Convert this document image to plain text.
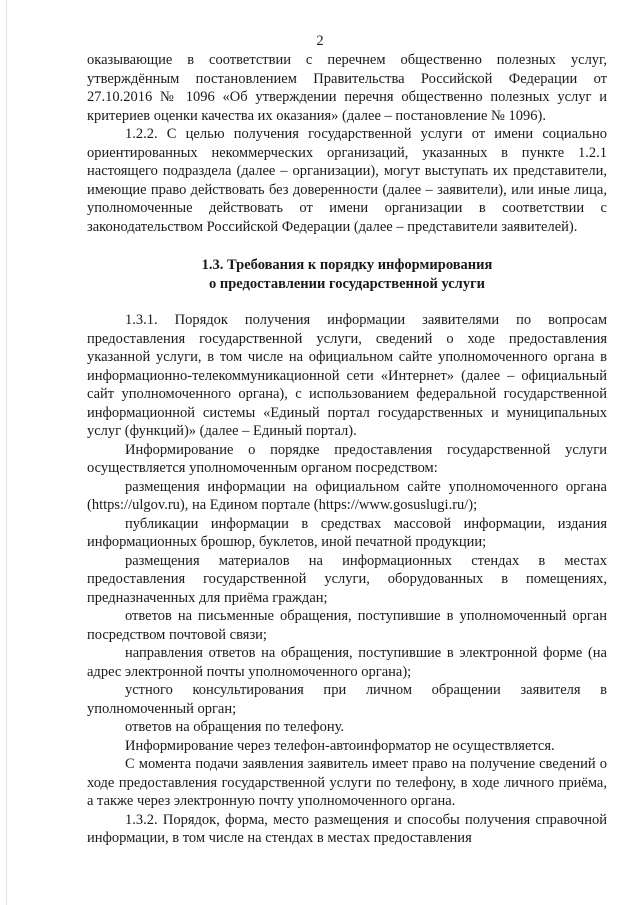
2

оказывающие в соответствии с перечнем общественно полезных услуг, утверждённым постановлением Правительства Российской Федерации от 27.10.2016 № 1096 «Об утверждении перечня общественно полезных услуг и критериев оценки качества их оказания» (далее – постановление № 1096).

1.2.2. С целью получения государственной услуги от имени социально ориентированных некоммерческих организаций, указанных в пункте 1.2.1 настоящего подраздела (далее – организации), могут выступать их представители, имеющие право действовать без доверенности (далее – заявители), или иные лица, уполномоченные действовать от имени организации в соответствии с законодательством Российской Федерации (далее – представители заявителей).

1.3. Требования к порядку информирования
о предоставлении государственной услуги

1.3.1. Порядок получения информации заявителями по вопросам предоставления государственной услуги, сведений о ходе предоставления указанной услуги, в том числе на официальном сайте уполномоченного органа в информационно-телекоммуникационной сети «Интернет» (далее – официальный сайт уполномоченного органа), с использованием федеральной государственной информационной системы «Единый портал государственных и муниципальных услуг (функций)» (далее – Единый портал).

Информирование о порядке предоставления государственной услуги осуществляется уполномоченным органом посредством:

размещения информации на официальном сайте уполномоченного органа (https://ulgov.ru), на Едином портале (https://www.gosuslugi.ru/);

публикации информации в средствах массовой информации, издания информационных брошюр, буклетов, иной печатной продукции;

размещения материалов на информационных стендах в местах предоставления государственной услуги, оборудованных в помещениях, предназначенных для приёма граждан;

ответов на письменные обращения, поступившие в уполномоченный орган посредством почтовой связи;

направления ответов на обращения, поступившие в электронной форме (на адрес электронной почты уполномоченного органа);

устного консультирования при личном обращении заявителя в уполномоченный орган;

ответов на обращения по телефону.

Информирование через телефон-автоинформатор не осуществляется.

С момента подачи заявления заявитель имеет право на получение сведений о ходе предоставления государственной услуги по телефону, в ходе личного приёма, а также через электронную почту уполномоченного органа.

1.3.2. Порядок, форма, место размещения и способы получения справочной информации, в том числе на стендах в местах предоставления
